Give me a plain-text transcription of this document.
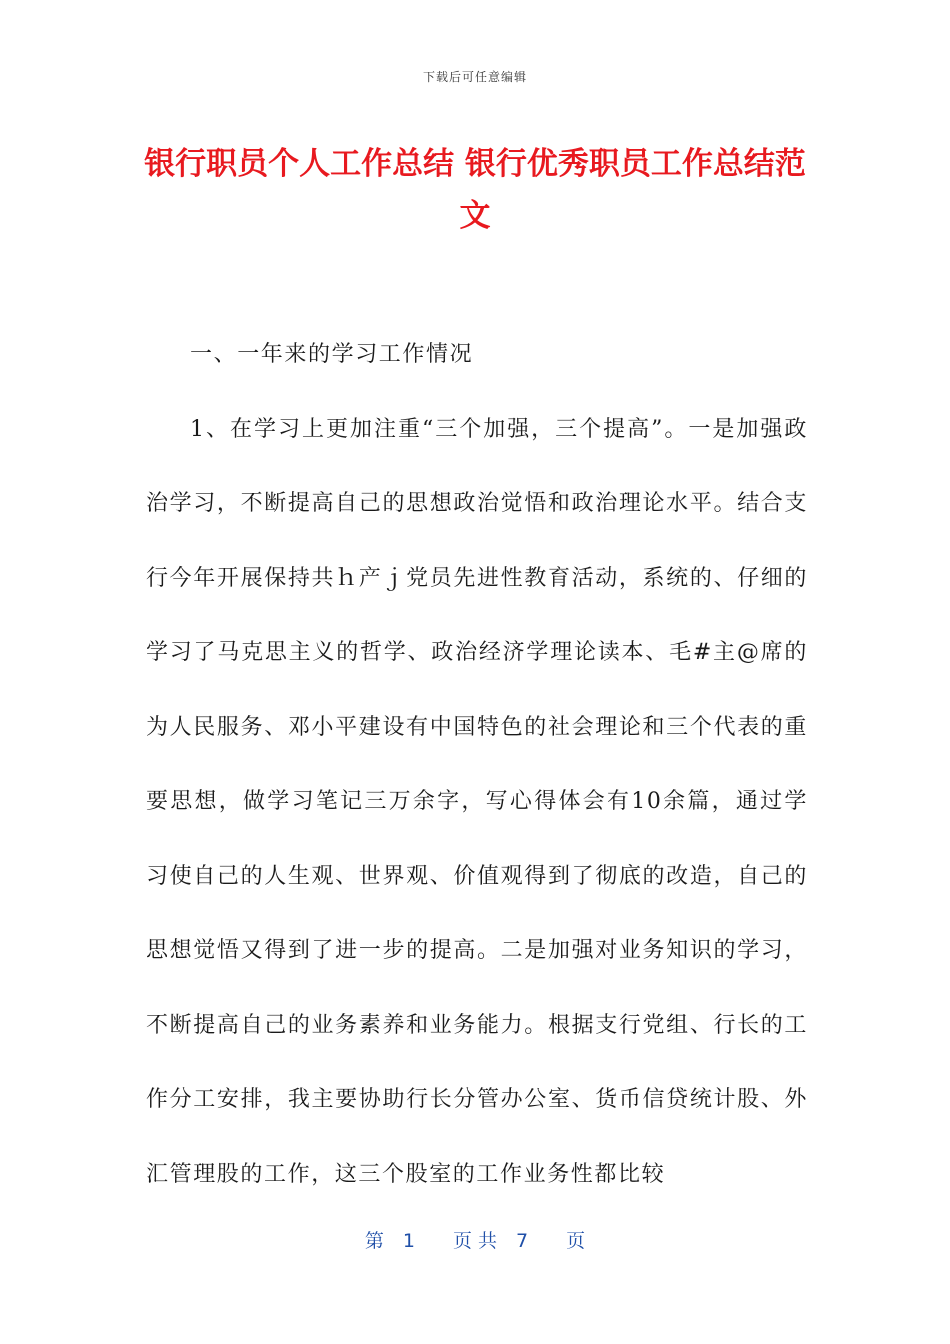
下载后可任意编辑
银行职员个人工作总结 银行优秀职员工作总结范文

一、一年来的学习工作情况

1、在学习上更加注重“三个加强，三个提高”。一是加强政治学习，不断提高自己的思想政治觉悟和政治理论水平。结合支行今年开展保持共ｈ产ｊ党员先进性教育活动，系统的、仔细的学习了马克思主义的哲学、政治经济学理论读本、毛#主@席的为人民服务、邓小平建设有中国特色的社会理论和三个代表的重要思想，做学习笔记三万余字，写心得体会有10余篇，通过学习使自己的人生观、世界观、价值观得到了彻底的改造，自己的思想觉悟又得到了进一步的提高。二是加强对业务知识的学习，不断提高自己的业务素养和业务能力。根据支行党组、行长的工作分工安排，我主要协助行长分管办公室、货币信贷统计股、外汇管理股的工作，这三个股室的工作业务性都比较

第　1　　页 共　7　　页
